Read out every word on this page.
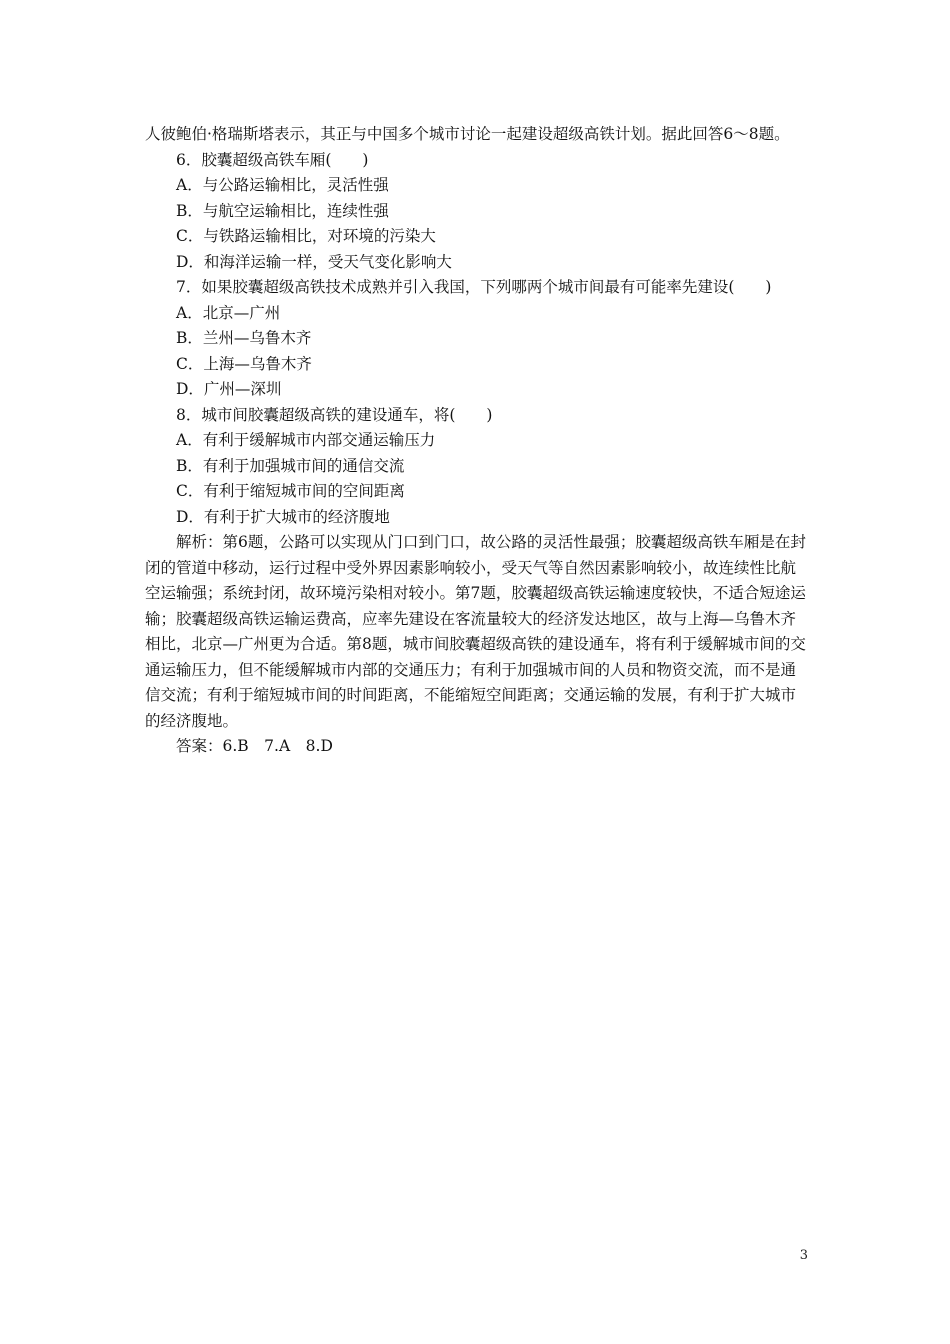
人彼鲍伯·格瑞斯塔表示，其正与中国多个城市讨论一起建设超级高铁计划。据此回答6～8题。

6．胶囊超级高铁车厢(　　)

A．与公路运输相比，灵活性强

B．与航空运输相比，连续性强

C．与铁路运输相比，对环境的污染大

D．和海洋运输一样，受天气变化影响大

7．如果胶囊超级高铁技术成熟并引入我国，下列哪两个城市间最有可能率先建设(　　)

A．北京—广州

B．兰州—乌鲁木齐

C．上海—乌鲁木齐

D．广州—深圳

8．城市间胶囊超级高铁的建设通车，将(　　)

A．有利于缓解城市内部交通运输压力

B．有利于加强城市间的通信交流

C．有利于缩短城市间的空间距离

D．有利于扩大城市的经济腹地

解析：第6题，公路可以实现从门口到门口，故公路的灵活性最强；胶囊超级高铁车厢是在封闭的管道中移动，运行过程中受外界因素影响较小，受天气等自然因素影响较小，故连续性比航空运输强；系统封闭，故环境污染相对较小。第7题，胶囊超级高铁运输速度较快，不适合短途运输；胶囊超级高铁运输运费高，应率先建设在客流量较大的经济发达地区，故与上海—乌鲁木齐相比，北京—广州更为合适。第8题，城市间胶囊超级高铁的建设通车，将有利于缓解城市间的交通运输压力，但不能缓解城市内部的交通压力；有利于加强城市间的人员和物资交流，而不是通信交流；有利于缩短城市间的时间距离，不能缩短空间距离；交通运输的发展，有利于扩大城市的经济腹地。

答案：6.B　7.A　8.D

3
